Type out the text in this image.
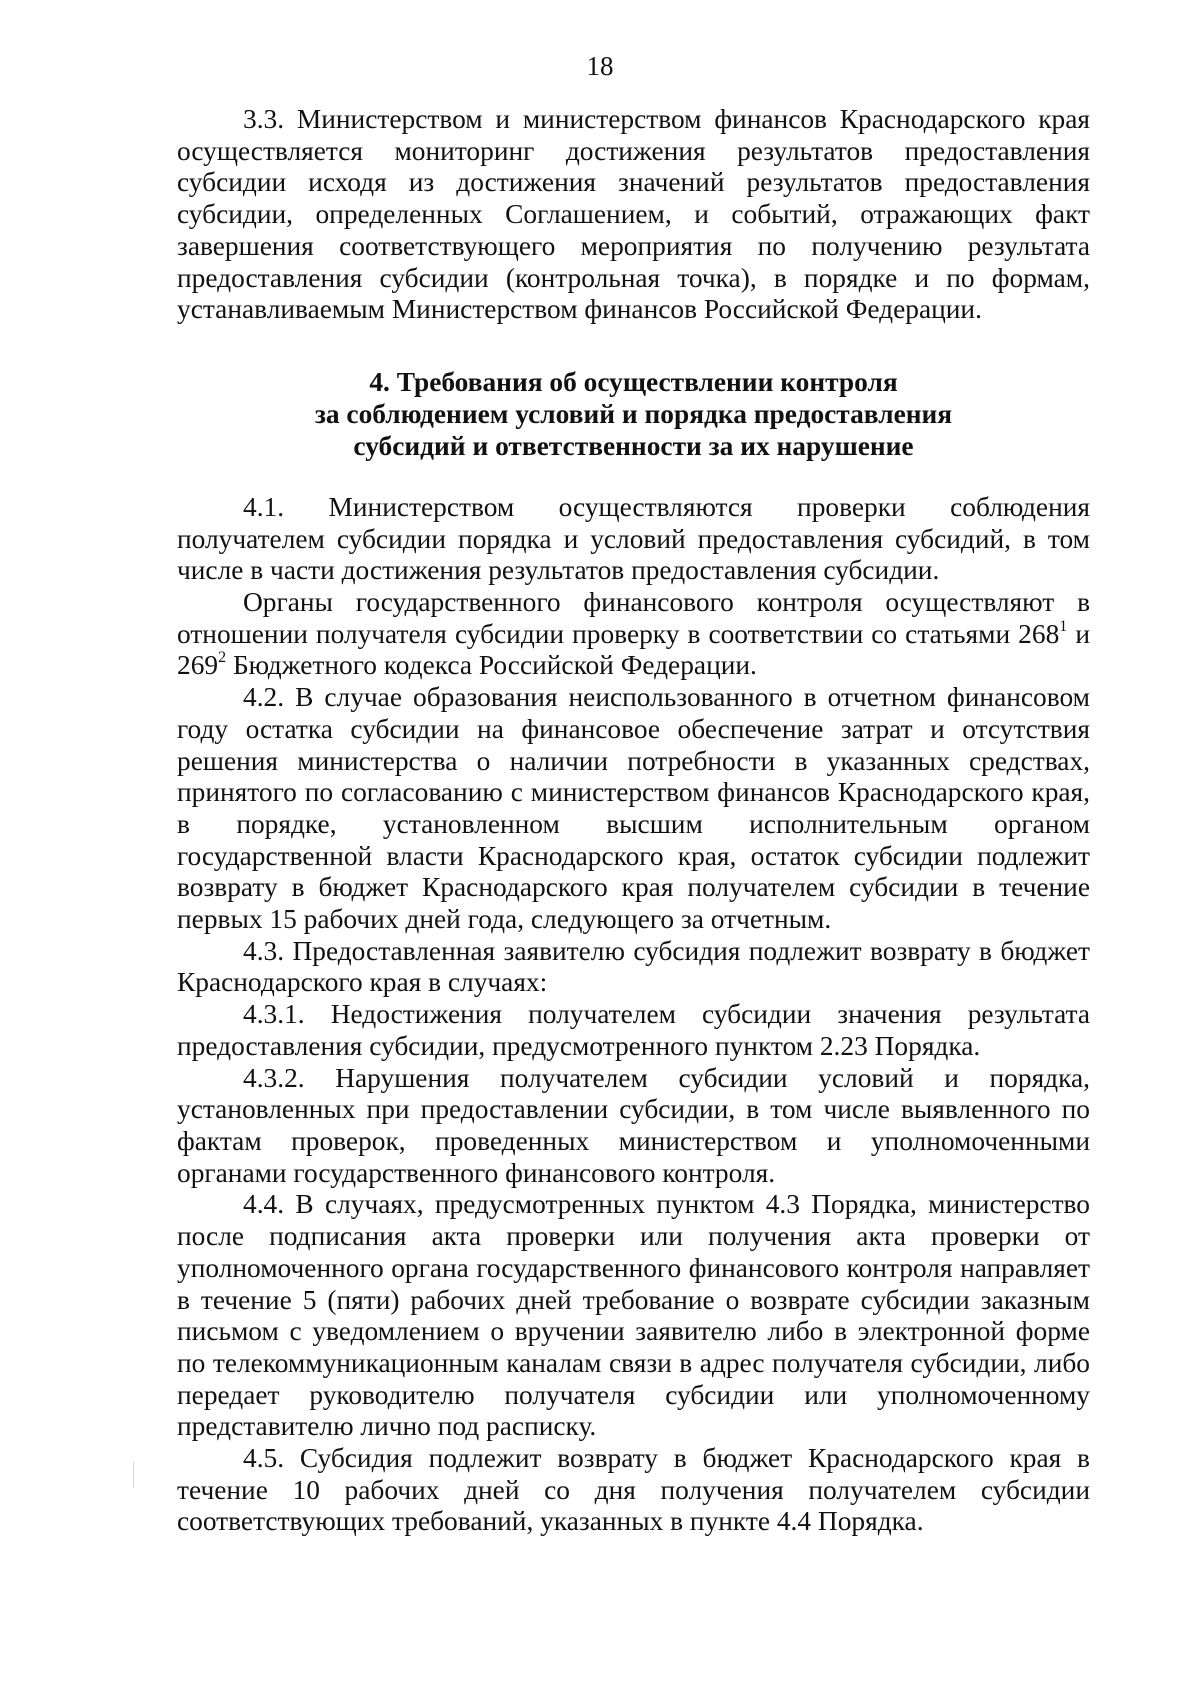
18

3.3. Министерством и министерством финансов Краснодарского края осуществляется мониторинг достижения результатов предоставления субсидии исходя из достижения значений результатов предоставления субсидии, определенных Соглашением, и событий, отражающих факт завершения соответствующего мероприятия по получению результата предоставления субсидии (контрольная точка), в порядке и по формам, устанавливаемым Министерством финансов Российской Федерации.

4. Требования об осуществлении контроля
за соблюдением условий и порядка предоставления
субсидий и ответственности за их нарушение

4.1. Министерством осуществляются проверки соблюдения получателем субсидии порядка и условий предоставления субсидий, в том числе в части достижения результатов предоставления субсидии.

Органы государственного финансового контроля осуществляют в отношении получателя субсидии проверку в соответствии со статьями $268^1$ и $269^2$ Бюджетного кодекса Российской Федерации.

4.2. В случае образования неиспользованного в отчетном финансовом году остатка субсидии на финансовое обеспечение затрат и отсутствия решения министерства о наличии потребности в указанных средствах, принятого по согласованию с министерством финансов Краснодарского края, в порядке, установленном высшим исполнительным органом государственной власти Краснодарского края, остаток субсидии подлежит возврату в бюджет Краснодарского края получателем субсидии в течение первых 15 рабочих дней года, следующего за отчетным.

4.3. Предоставленная заявителю субсидия подлежит возврату в бюджет Краснодарского края в случаях:

4.3.1. Недостижения получателем субсидии значения результата предоставления субсидии, предусмотренного пунктом 2.23 Порядка.

4.3.2. Нарушения получателем субсидии условий и порядка, установленных при предоставлении субсидии, в том числе выявленного по фактам проверок, проведенных министерством и уполномоченными органами государственного финансового контроля.

4.4. В случаях, предусмотренных пунктом 4.3 Порядка, министерство после подписания акта проверки или получения акта проверки от уполномоченного органа государственного финансового контроля направляет в течение 5 (пяти) рабочих дней требование о возврате субсидии заказным письмом с уведомлением о вручении заявителю либо в электронной форме по телекоммуникационным каналам связи в адрес получателя субсидии, либо передает руководителю получателя субсидии или уполномоченному представителю лично под расписку.

4.5. Субсидия подлежит возврату в бюджет Краснодарского края в течение 10 рабочих дней со дня получения получателем субсидии соответствующих требований, указанных в пункте 4.4 Порядка.
